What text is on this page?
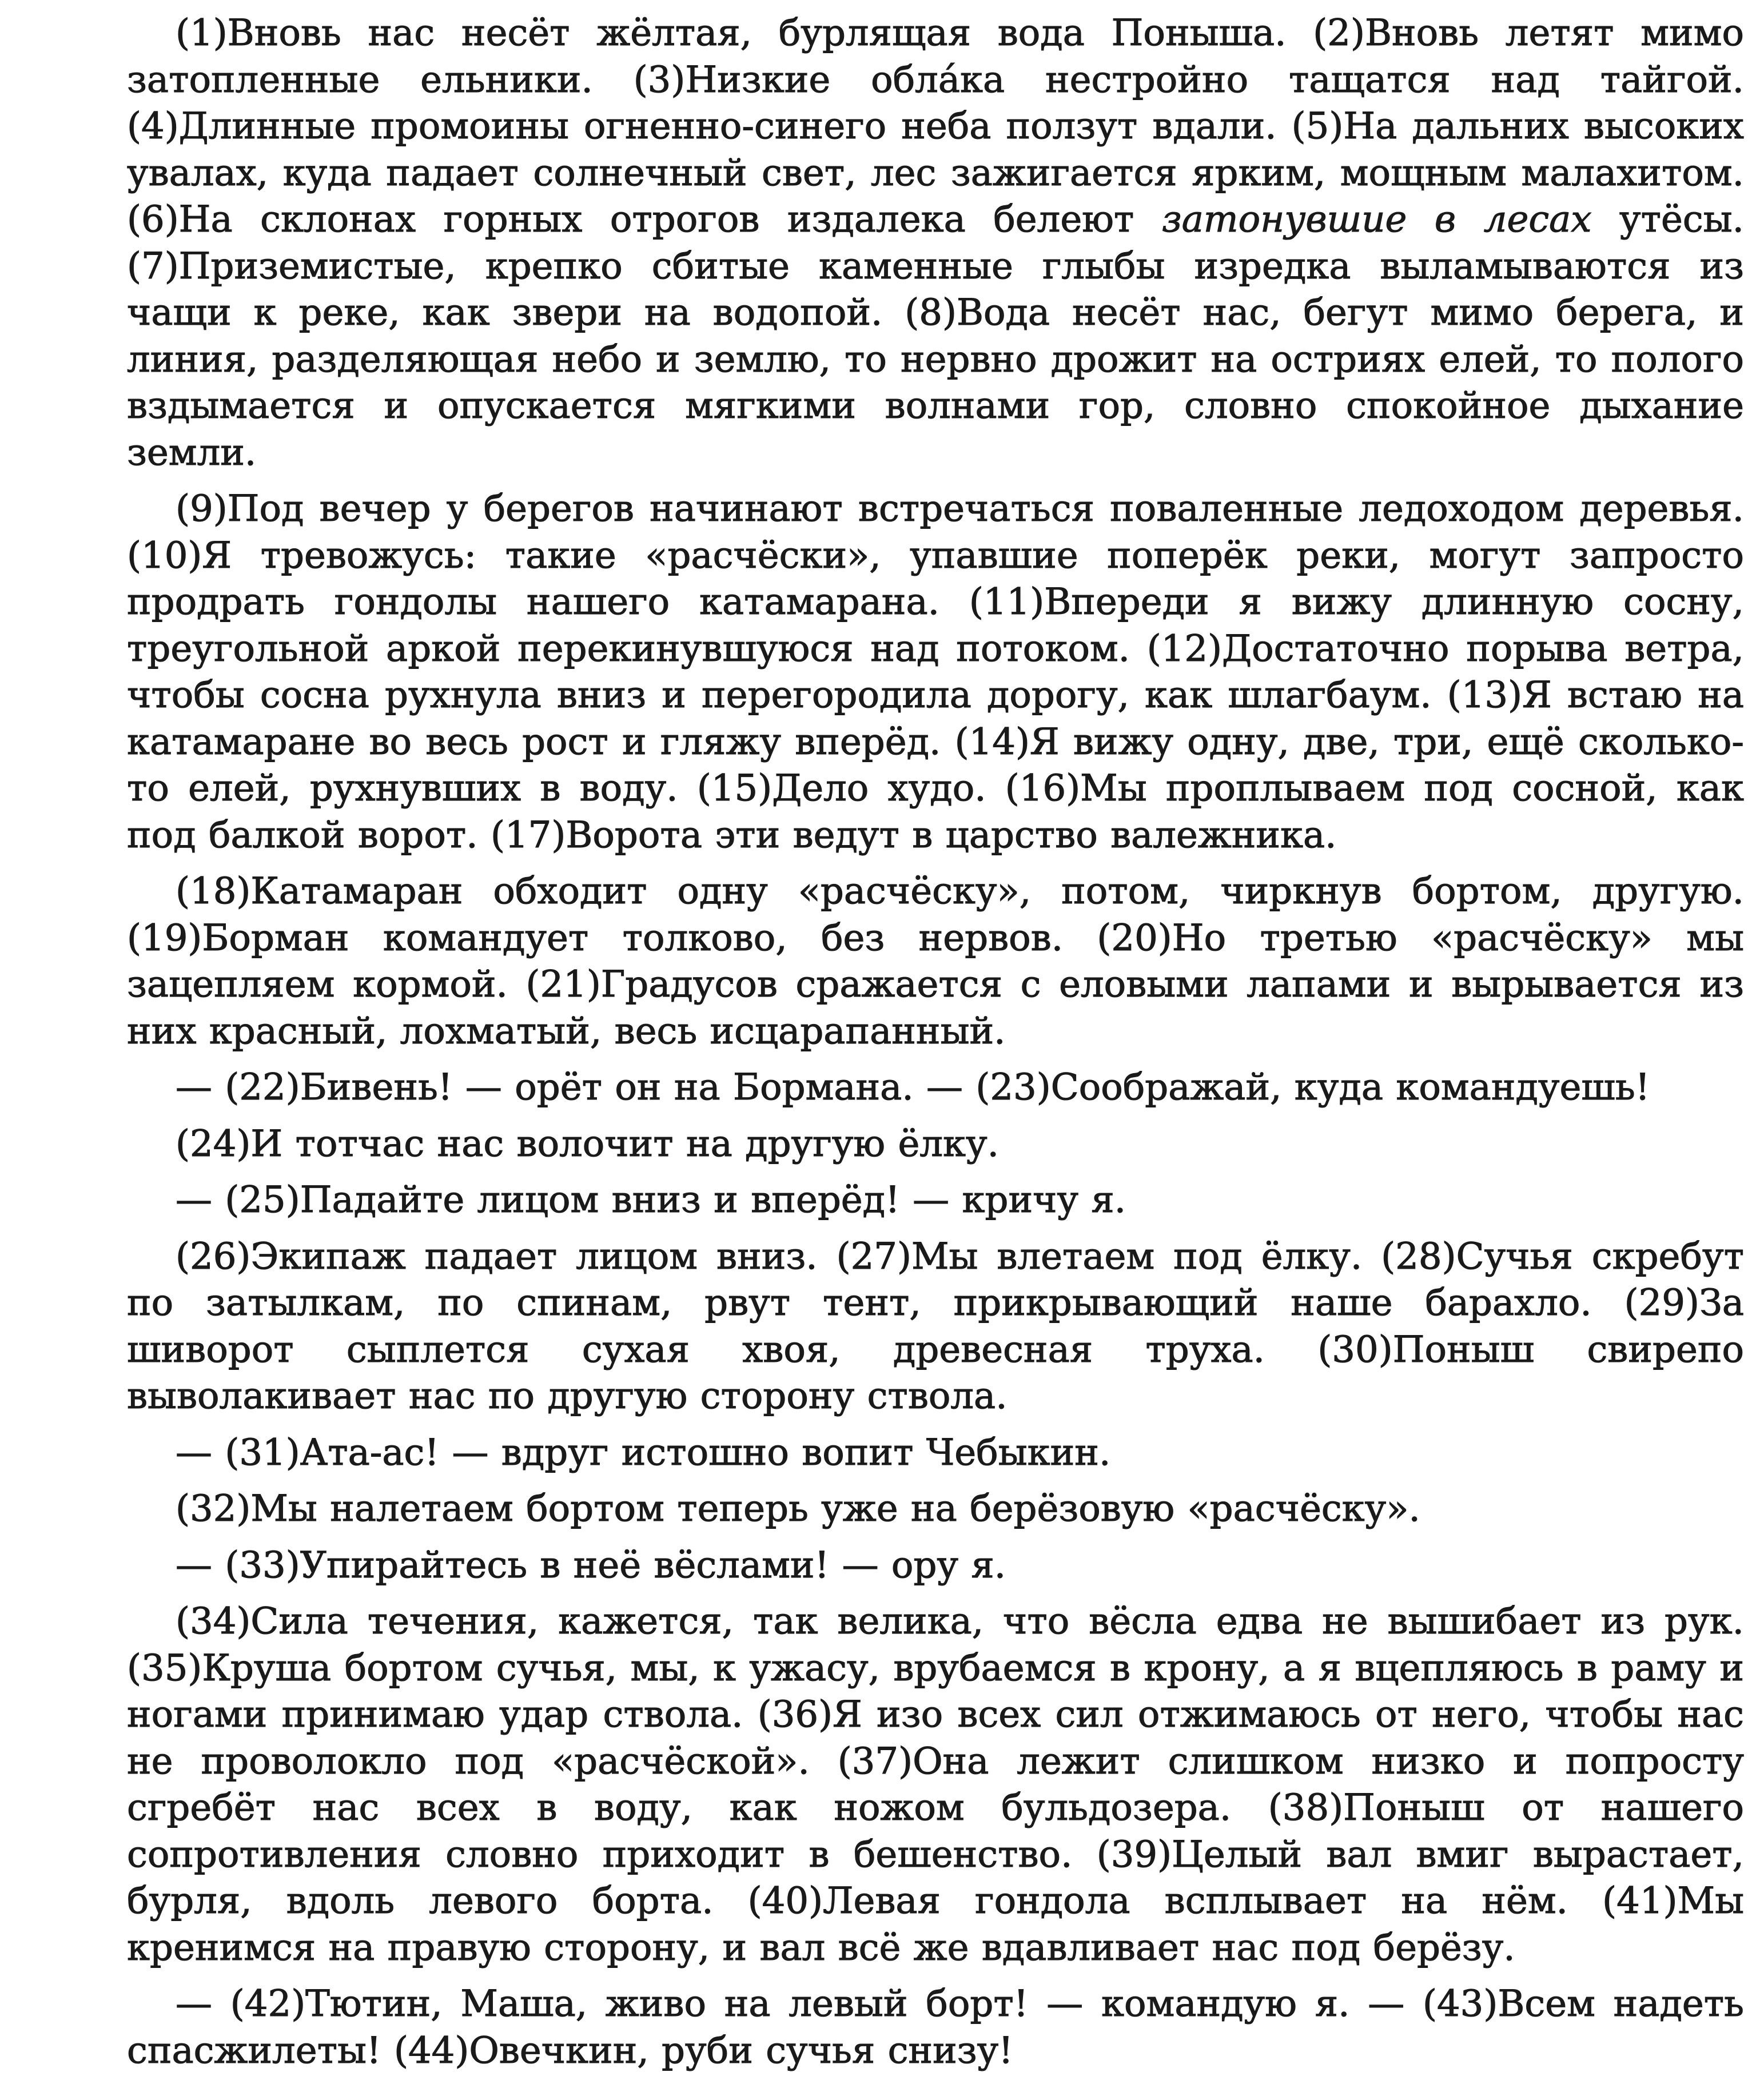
(1)Вновь нас несёт жёлтая, бурлящая вода Поныша. (2)Вновь летят мимо затопленные ельники. (3)Низкие облáка нестройно тащатся над тайгой. (4)Длинные промоины огненно-синего неба ползут вдали. (5)На дальних высоких увалах, куда падает солнечный свет, лес зажигается ярким, мощным малахитом. (6)На склонах горных отрогов издалека белеют затонувшие в лесах утёсы. (7)Приземистые, крепко сбитые каменные глыбы изредка выламываются из чащи к реке, как звери на водопой. (8)Вода несёт нас, бегут мимо берега, и линия, разделяющая небо и землю, то нервно дрожит на остриях елей, то полого вздымается и опускается мягкими волнами гор, словно спокойное дыхание земли.

(9)Под вечер у берегов начинают встречаться поваленные ледоходом деревья. (10)Я тревожусь: такие «расчёски», упавшие поперёк реки, могут запросто продрать гондолы нашего катамарана. (11)Впереди я вижу длинную сосну, треугольной аркой перекинувшуюся над потоком. (12)Достаточно порыва ветра, чтобы сосна рухнула вниз и перегородила дорогу, как шлагбаум. (13)Я встаю на катамаране во весь рост и гляжу вперёд. (14)Я вижу одну, две, три, ещё сколько-то елей, рухнувших в воду. (15)Дело худо. (16)Мы проплываем под сосной, как под балкой ворот. (17)Ворота эти ведут в царство валежника.

(18)Катамаран обходит одну «расчёску», потом, чиркнув бортом, другую. (19)Борман командует толково, без нервов. (20)Но третью «расчёску» мы зацепляем кормой. (21)Градусов сражается с еловыми лапами и вырывается из них красный, лохматый, весь исцарапанный.

— (22)Бивень! — орёт он на Бормана. — (23)Соображай, куда командуешь!

(24)И тотчас нас волочит на другую ёлку.

— (25)Падайте лицом вниз и вперёд! — кричу я.

(26)Экипаж падает лицом вниз. (27)Мы влетаем под ёлку. (28)Сучья скребут по затылкам, по спинам, рвут тент, прикрывающий наше барахло. (29)За шиворот сыплется сухая хвоя, древесная труха. (30)Поныш свирепо выволакивает нас по другую сторону ствола.

— (31)Ата-ас! — вдруг истошно вопит Чебыкин.

(32)Мы налетаем бортом теперь уже на берёзовую «расчёску».

— (33)Упирайтесь в неё вёслами! — ору я.

(34)Сила течения, кажется, так велика, что вёсла едва не вышибает из рук. (35)Круша бортом сучья, мы, к ужасу, врубаемся в крону, а я вцепляюсь в раму и ногами принимаю удар ствола. (36)Я изо всех сил отжимаюсь от него, чтобы нас не проволокло под «расчёской». (37)Она лежит слишком низко и попросту сгребёт нас всех в воду, как ножом бульдозера. (38)Поныш от нашего сопротивления словно приходит в бешенство. (39)Целый вал вмиг вырастает, бурля, вдоль левого борта. (40)Левая гондола всплывает на нём. (41)Мы кренимся на правую сторону, и вал всё же вдавливает нас под берёзу.

— (42)Тютин, Маша, живо на левый борт! — командую я. — (43)Всем надеть спасжилеты! (44)Овечкин, руби сучья снизу!
